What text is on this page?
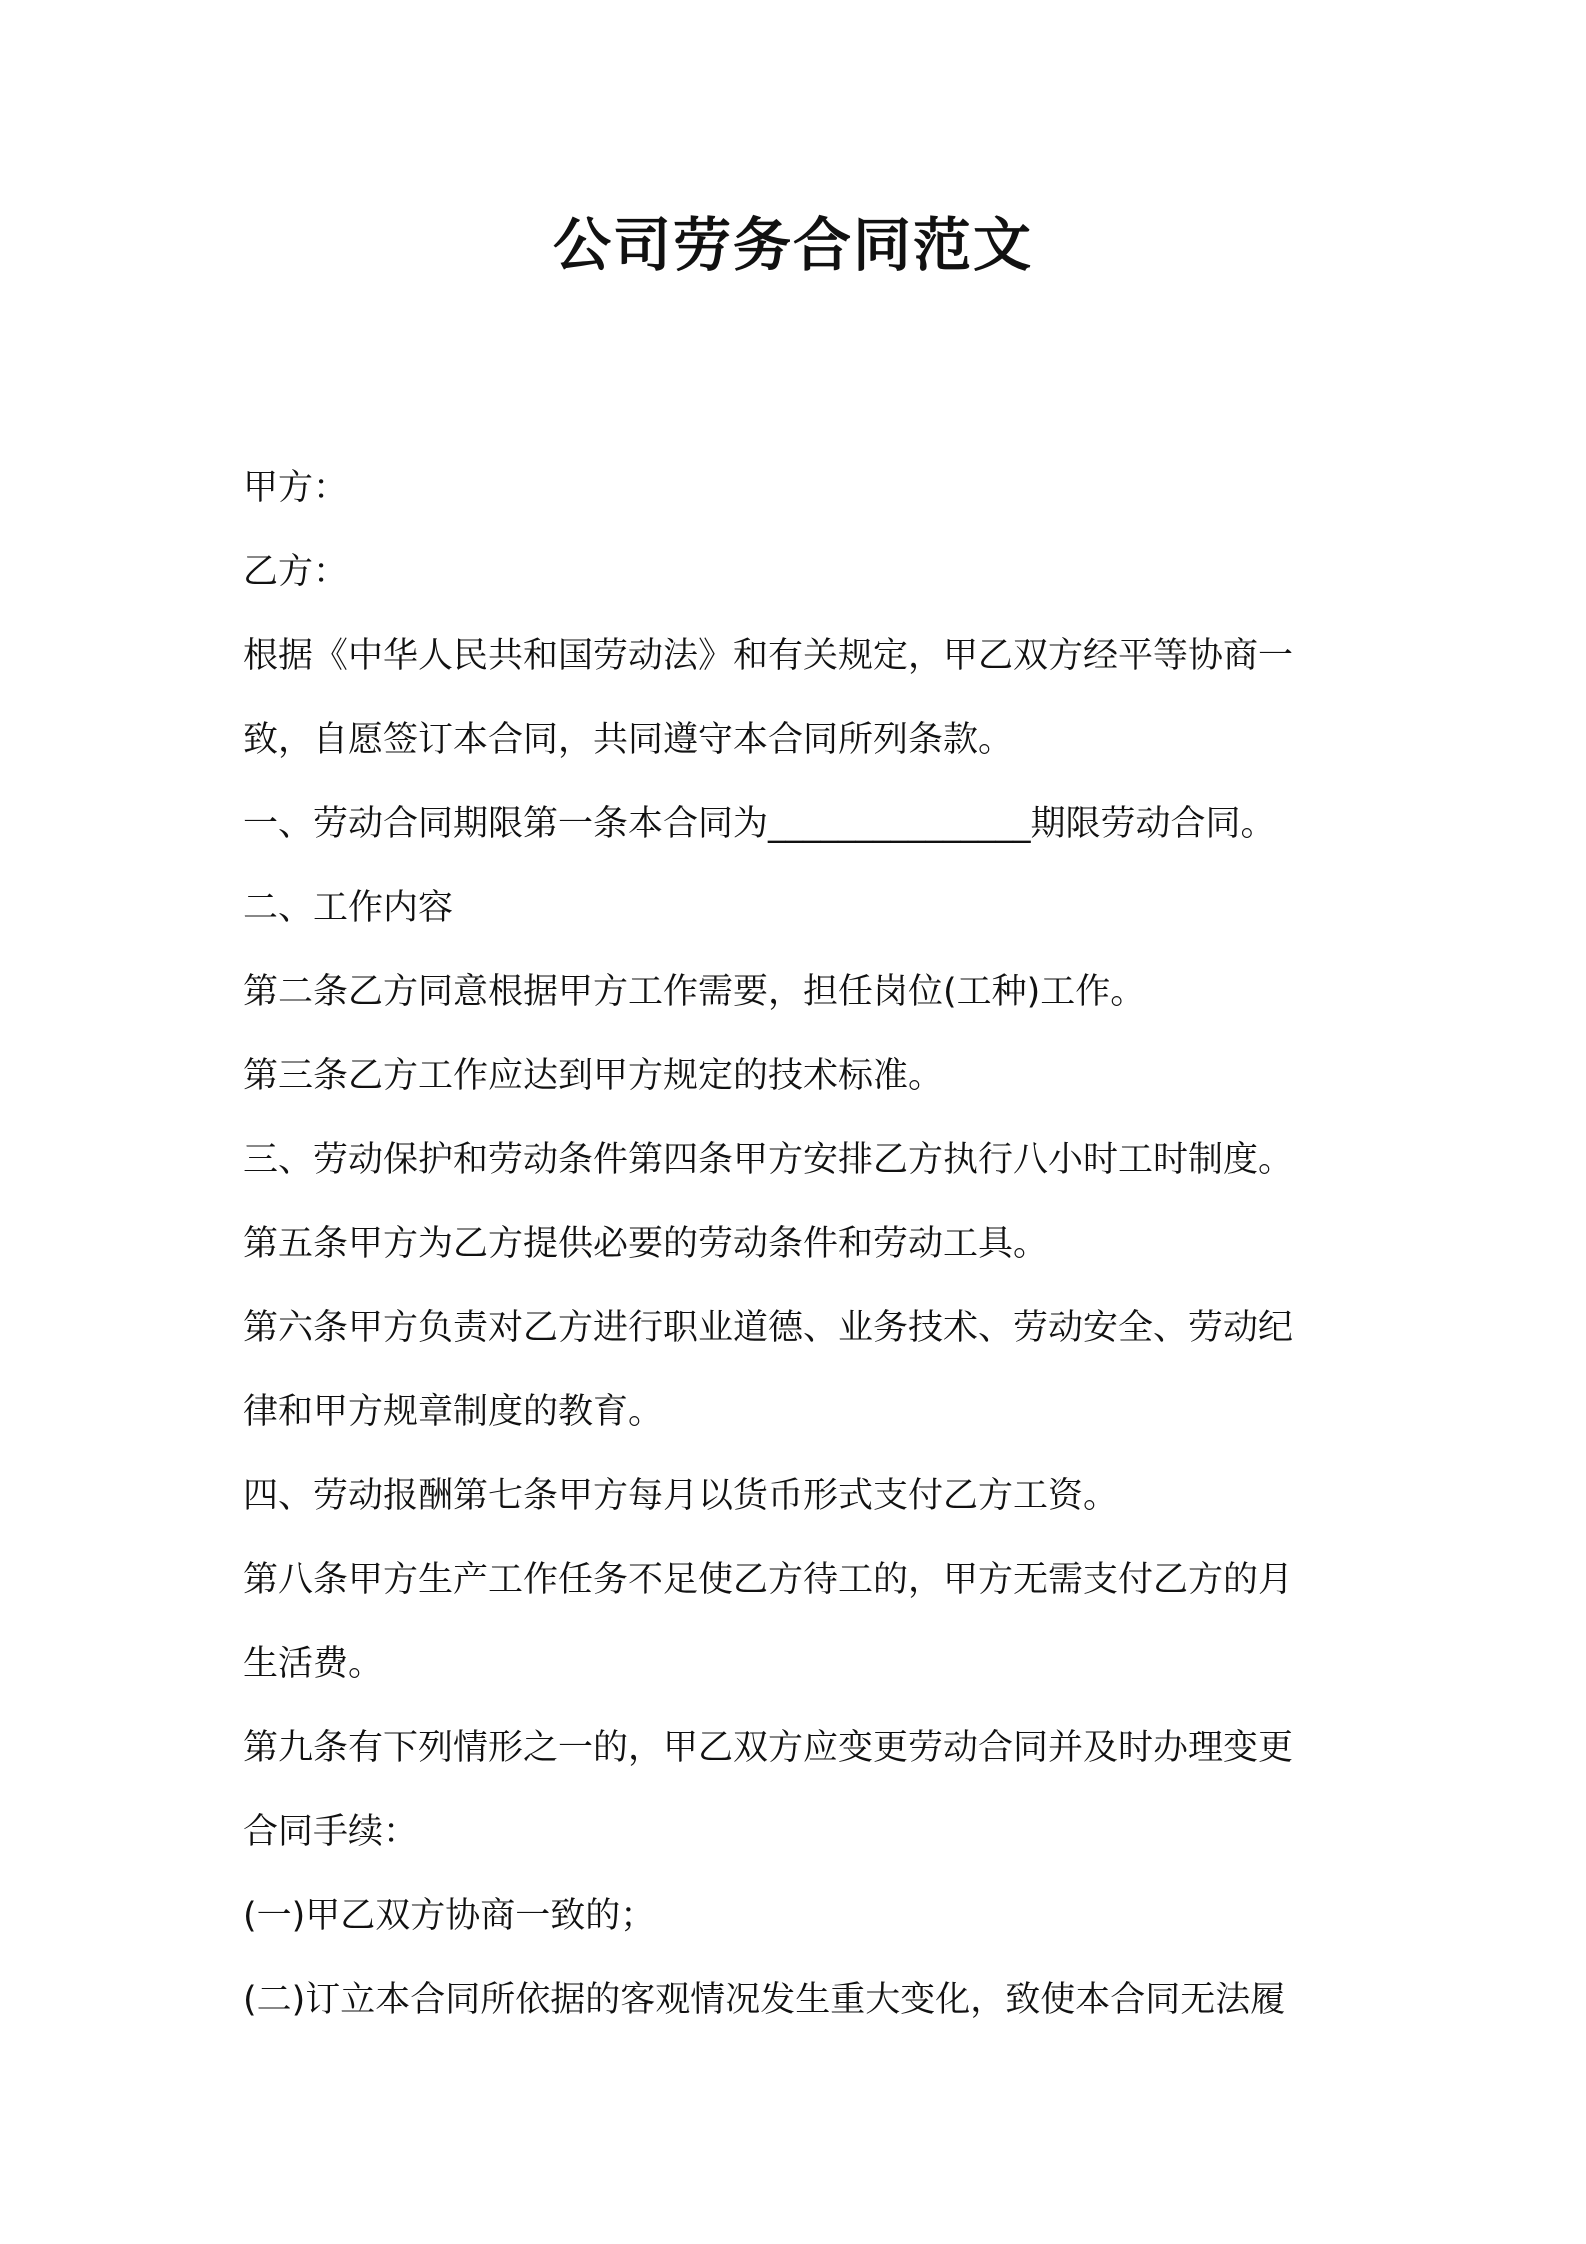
公司劳务合同范文

甲方：

乙方：

根据《中华人民共和国劳动法》和有关规定，甲乙双方经平等协商一

致，自愿签订本合同，共同遵守本合同所列条款。

一、劳动合同期限第一条本合同为_______________期限劳动合同。

二、工作内容

第二条乙方同意根据甲方工作需要，担任岗位(工种)工作。

第三条乙方工作应达到甲方规定的技术标准。

三、劳动保护和劳动条件第四条甲方安排乙方执行八小时工时制度。

第五条甲方为乙方提供必要的劳动条件和劳动工具。

第六条甲方负责对乙方进行职业道德、业务技术、劳动安全、劳动纪

律和甲方规章制度的教育。

四、劳动报酬第七条甲方每月以货币形式支付乙方工资。

第八条甲方生产工作任务不足使乙方待工的，甲方无需支付乙方的月

生活费。

第九条有下列情形之一的，甲乙双方应变更劳动合同并及时办理变更

合同手续：

(一)甲乙双方协商一致的；

(二)订立本合同所依据的客观情况发生重大变化，致使本合同无法履
